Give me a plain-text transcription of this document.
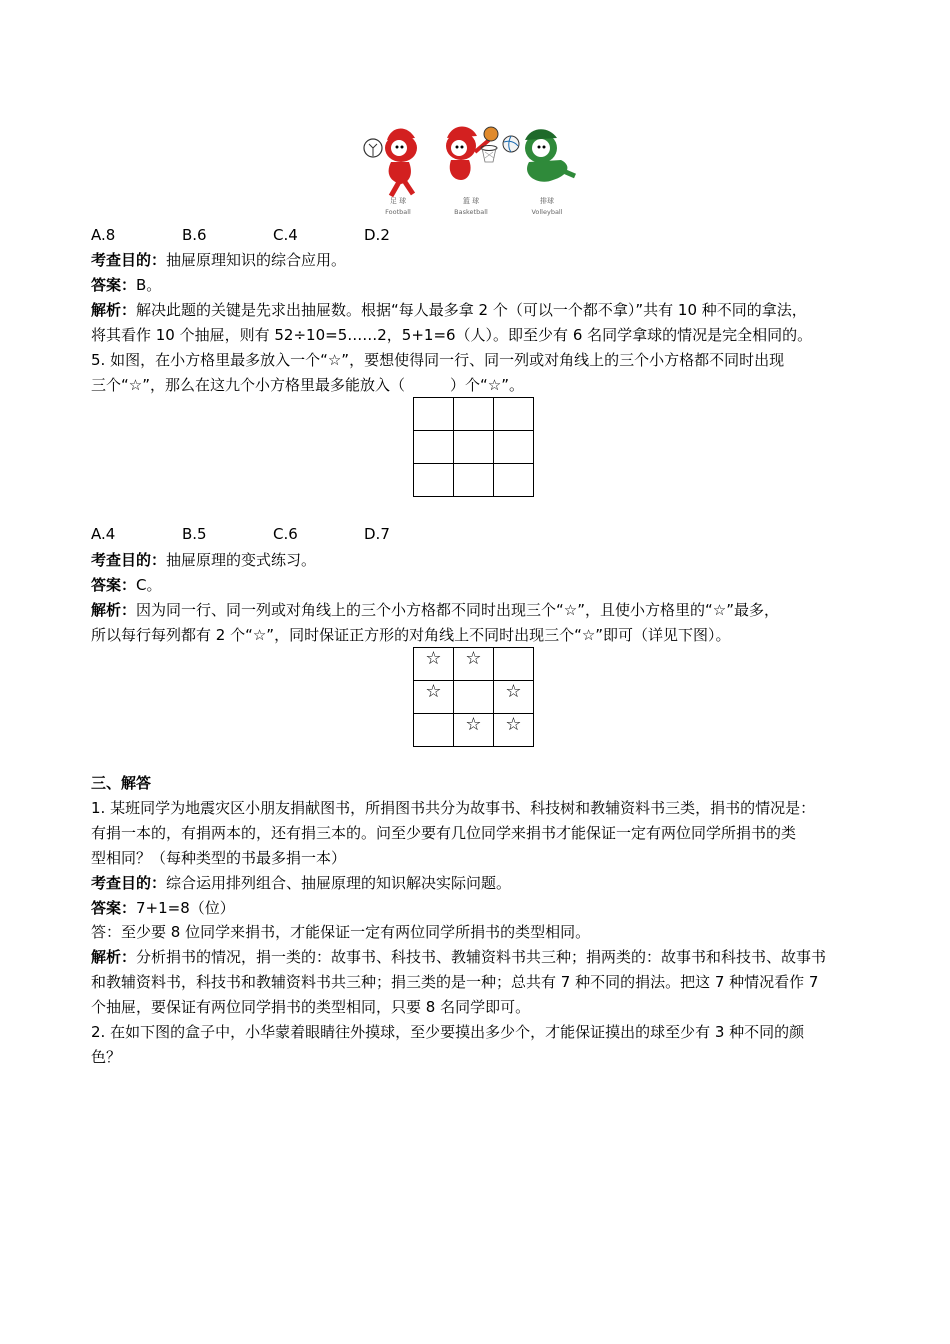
足 球
Football
篮 球
Basketball
排球
Volleyball
A.8	B.6	C.4	D.2
考查目的：抽屉原理知识的综合应用。
答案：B。
解析：解决此题的关键是先求出抽屉数。根据“每人最多拿 2 个（可以一个都不拿）”共有 10 种不同的拿法，
将其看作 10 个抽屉，则有 52÷10=5……2，5+1=6（人）。即至少有 6 名同学拿球的情况是完全相同的。
5. 如图，在小方格里最多放入一个“☆”，要想使得同一行、同一列或对角线上的三个小方格都不同时出现
三个“☆”，那么在这九个小方格里最多能放入（　　　）个“☆”。

A.4	B.5	C.6	D.7
考查目的：抽屉原理的变式练习。
答案：C。
解析：因为同一行、同一列或对角线上的三个小方格都不同时出现三个“☆”，且使小方格里的“☆”最多，
所以每行每列都有 2 个“☆”，同时保证正方形的对角线上不同时出现三个“☆”即可（详见下图）。
☆	☆	
☆		☆
	☆	☆
三、解答
1. 某班同学为地震灾区小朋友捐献图书，所捐图书共分为故事书、科技树和教辅资料书三类，捐书的情况是：
有捐一本的，有捐两本的，还有捐三本的。问至少要有几位同学来捐书才能保证一定有两位同学所捐书的类
型相同？（每种类型的书最多捐一本）
考查目的：综合运用排列组合、抽屉原理的知识解决实际问题。
答案：7+1=8（位）
答：至少要 8 位同学来捐书，才能保证一定有两位同学所捐书的类型相同。
解析：分析捐书的情况，捐一类的：故事书、科技书、教辅资料书共三种；捐两类的：故事书和科技书、故事书
和教辅资料书，科技书和教辅资料书共三种；捐三类的是一种；总共有 7 种不同的捐法。把这 7 种情况看作 7
个抽屉，要保证有两位同学捐书的类型相同，只要 8 名同学即可。
2. 在如下图的盒子中，小华蒙着眼睛往外摸球，至少要摸出多少个，才能保证摸出的球至少有 3 种不同的颜
色？
